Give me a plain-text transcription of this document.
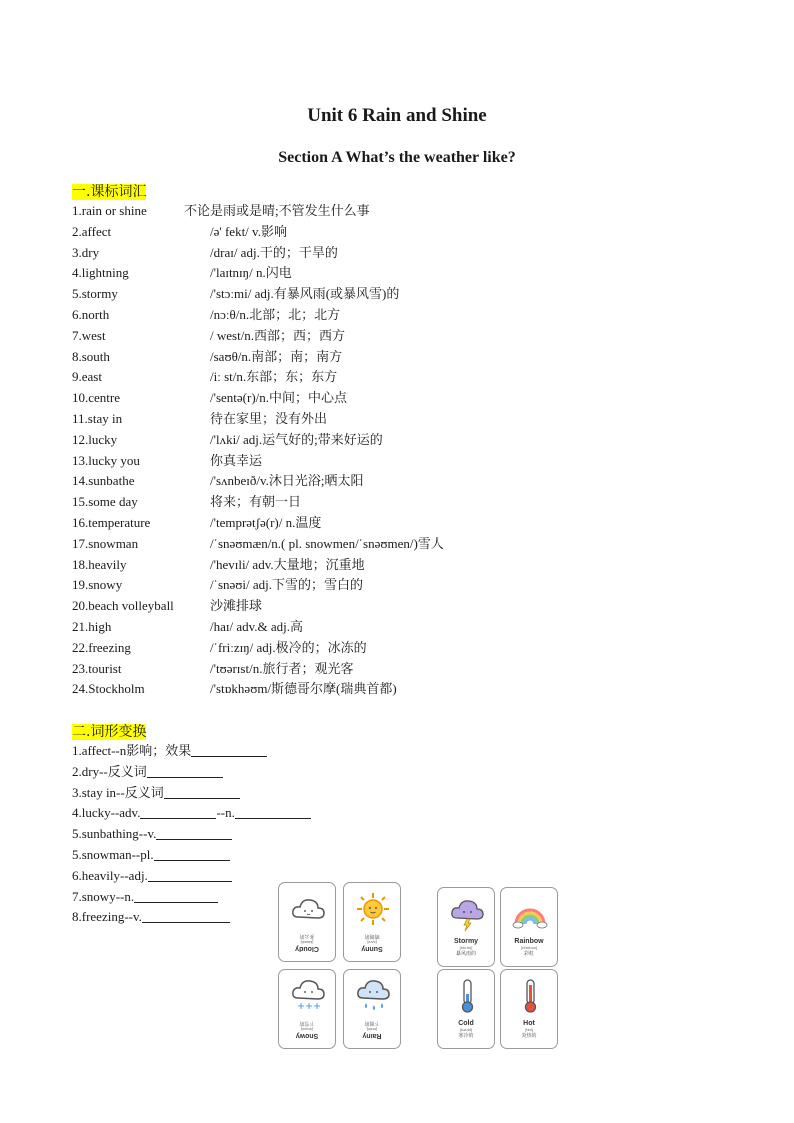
Unit 6 Rain and Shine
Section A What’s the weather like?
一.课标词汇
1.rain or shine	不论是雨或是晴;不管发生什么事
2.affect	/ə' fekt/ v.影响
3.dry	/draɪ/ adj.干的；干旱的
4.lightning	/'laɪtnɪŋ/ n.闪电
5.stormy	/'stɔːmi/ adj.有暴风雨(或暴风雪)的
6.north	/nɔːθ/n.北部；北；北方
7.west	/ west/n.西部；西；西方
8.south	/saʊθ/n.南部；南；南方
9.east	/iː st/n.东部；东；东方
10.centre	/'sentə(r)/n.中间；中心点
11.stay in	待在家里；没有外出
12.lucky	/'lʌki/ adj.运气好的;带来好运的
13.lucky you	你真幸运
14.sunbathe	/'sʌnbeɪð/v.沐日光浴;晒太阳
15.some day	将来；有朝一日
16.temperature	/'temprətʃə(r)/ n.温度
17.snowman	/ˈsnəʊmæn/n.( pl. snowmen/ˈsnəʊmen/)雪人
18.heavily	/'hevɪli/ adv.大量地；沉重地
19.snowy	/ˈsnəʊi/ adj.下雪的；雪白的
20.beach volleyball	沙滩排球
21.high	/haɪ/ adv.& adj.高
22.freezing	/ˈfriːzɪŋ/ adj.极冷的；冰冻的
23.tourist	/'tʊərɪst/n.旅行者；观光客
24.Stockholm	/'stɒkhəʊm/斯德哥尔摩(瑞典首都)
二.词形变换
1.affect--n影响；效果
2.dry--反义词
3.stay in--反义词
4.lucky--adv.	--n.
5.sunbathing--v.
5.snowman--pl.
6.heavily--adj.
7.snowy--n.
8.freezing--v.
Cloudy
[klaʊdi]
多云的
Sunny
[sʌni]
晴朗的
Stormy
[stɔːmi]
暴风雨的
Rainbow
[reɪnbəʊ]
彩虹
Snowy
[snəʊi]
下雪的
Rainy
[reɪni]
下雨的	Cold
[kəʊld]
寒冷的
Hot
[hɒt]
炎热的
